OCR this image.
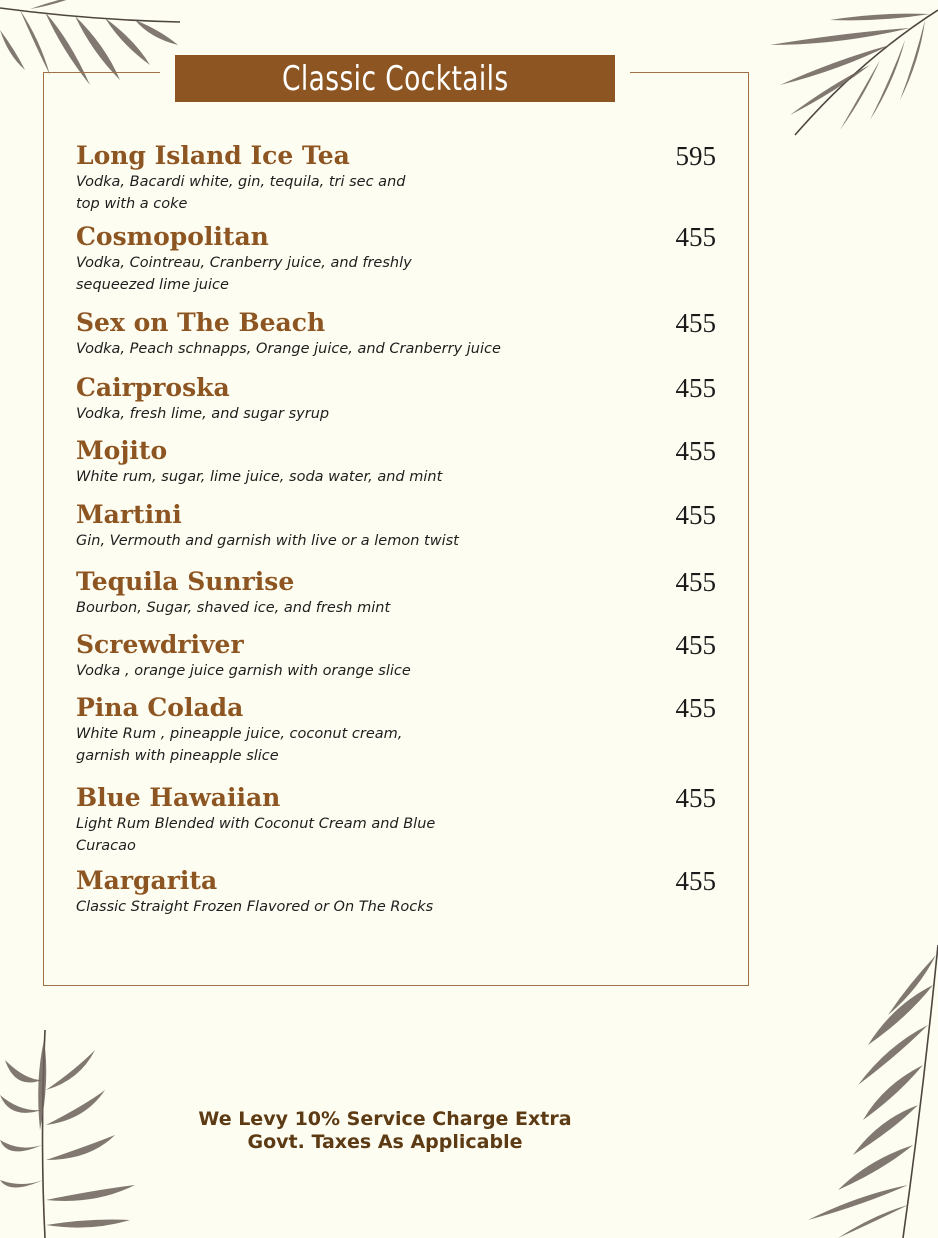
Classic Cocktails
Long Island Ice Tea	595
Vodka, Bacardi white, gin, tequila, tri sec and
top with a coke
Cosmopolitan	455
Vodka, Cointreau, Cranberry juice, and freshly
sequeezed lime juice
Sex on The Beach	455
Vodka, Peach schnapps, Orange juice, and Cranberry juice
Cairproska	455
Vodka, fresh lime, and sugar syrup
Mojito	455
White rum, sugar, lime juice, soda water, and mint
Martini	455
Gin, Vermouth and garnish with live or a lemon twist
Tequila Sunrise	455
Bourbon, Sugar, shaved ice, and fresh mint
Screwdriver	455
Vodka , orange juice garnish with orange slice
Pina Colada	455
White Rum , pineapple juice, coconut cream,
garnish with pineapple slice
Blue Hawaiian	455
Light Rum Blended with Coconut Cream and Blue
Curacao
Margarita	455
Classic Straight Frozen Flavored or On The Rocks
We Levy 10% Service Charge Extra
Govt. Taxes As Applicable
